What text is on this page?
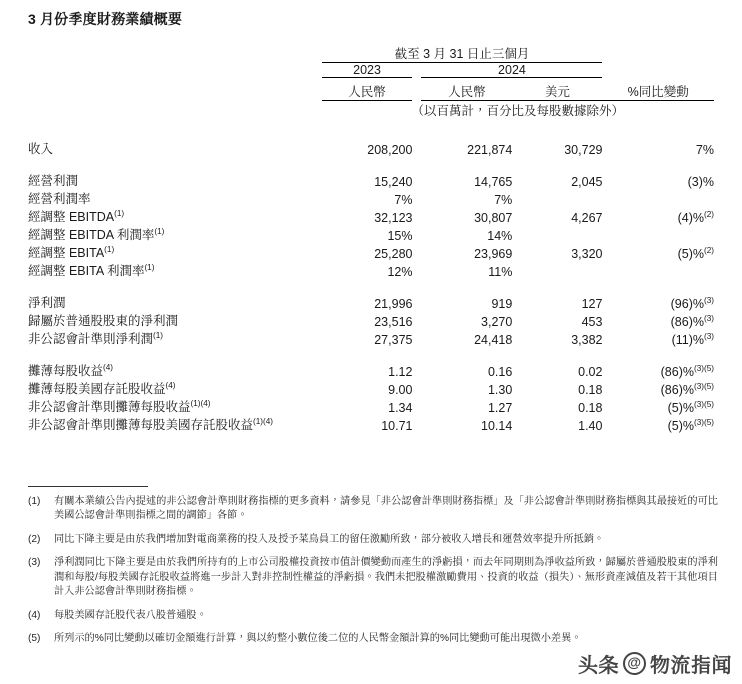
3 月份季度財務業績概要
	截至 3 月 31 日止三個月				
	2023		2024		

	人民幣		人民幣	美元	%同比變動
	（以百萬計，百分比及每股數據除外）				

收入	208,200		221,874	30,729	7%

經營利潤	15,240		14,765	2,045	(3)%
經營利潤率	7%		7%		
經調整 EBITDA$^{(1)}$	32,123		30,807	4,267	(4)%$^{(2)}$
經調整 EBITDA 利潤率$^{(1)}$	15%		14%		
經調整 EBITA$^{(1)}$	25,280		23,969	3,320	(5)%$^{(2)}$
經調整 EBITA 利潤率$^{(1)}$	12%		11%		

淨利潤	21,996		919	127	(96)%$^{(3)}$
歸屬於普通股股東的淨利潤	23,516		3,270	453	(86)%$^{(3)}$
非公認會計準則淨利潤$^{(1)}$	27,375		24,418	3,382	(11)%$^{(3)}$

攤薄每股收益$^{(4)}$	1.12		0.16	0.02	(86)%$^{(3)(5)}$
攤薄每股美國存託股收益$^{(4)}$	9.00		1.30	0.18	(86)%$^{(3)(5)}$
非公認會計準則攤薄每股收益$^{(1)(4)}$	1.34		1.27	0.18	(5)%$^{(3)(5)}$
非公認會計準則攤薄每股美國存託股收益$^{(1)(4)}$	10.71		10.14	1.40	(5)%$^{(3)(5)}$
(1)	有關本業績公告內提述的非公認會計準則財務指標的更多資料，請參見「非公認會計準則財務指標」及「非公認會計準則財務指標與其最接近的可比美國公認會計準則指標之間的調節」各節。
(2)	同比下降主要是由於我們增加對電商業務的投入及授予菜鳥員工的留任激勵所致，部分被收入增長和運營效率提升所抵銷。
(3)	淨利潤同比下降主要是由於我們所持有的上市公司股權投資按市值計價變動而產生的淨虧損，而去年同期則為淨收益所致，歸屬於普通股股東的淨利潤和每股/每股美國存託股收益將進一步計入對非控制性權益的淨虧損。我們未把股權激勵費用、投資的收益（損失）、無形資產減值及若干其他項目計入非公認會計準則財務指標。
(4)	每股美國存託股代表八股普通股。
(5)	所列示的%同比變動以確切金額進行計算，與以約整小數位後二位的人民幣金額計算的%同比變動可能出現微小差異。
头条 @ 物流指闻
